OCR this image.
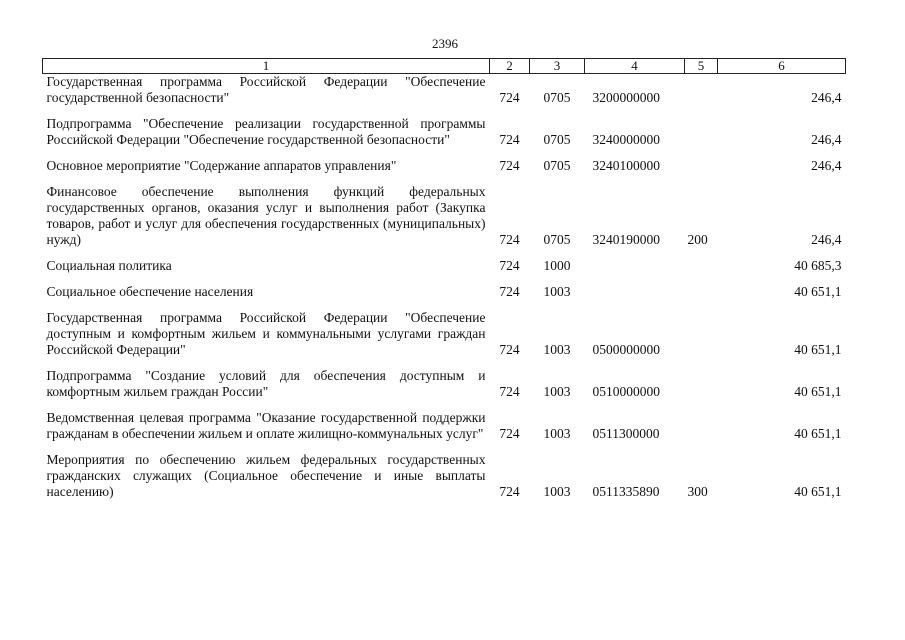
2396
1	2	3	4	5	6
Государственная программа Российской Федерации "Обеспечение государственной безопасности"	724	0705	3200000000		246,4

Подпрограмма "Обеспечение реализации государственной программы Российской Федерации "Обеспечение государственной безопасности"	724	0705	3240000000		246,4

Основное мероприятие "Содержание аппаратов управления"	724	0705	3240100000		246,4

Финансовое обеспечение выполнения функций федеральных государственных органов, оказания услуг и выполнения работ (Закупка товаров, работ и услуг для обеспечения государственных (муниципальных) нужд)	724	0705	3240190000	200	246,4

Социальная политика	724	1000			40 685,3

Социальное обеспечение населения	724	1003			40 651,1

Государственная программа Российской Федерации "Обеспечение доступным и комфортным жильем и коммунальными услугами граждан Российской Федерации"	724	1003	0500000000		40 651,1

Подпрограмма "Создание условий для обеспечения доступным и комфортным жильем граждан России"	724	1003	0510000000		40 651,1

Ведомственная целевая программа "Оказание государственной поддержки гражданам в обеспечении жильем и оплате жилищно-коммунальных услуг"	724	1003	0511300000		40 651,1

Мероприятия по обеспечению жильем федеральных государственных гражданских служащих (Социальное обеспечение и иные выплаты населению)	724	1003	0511335890	300	40 651,1
